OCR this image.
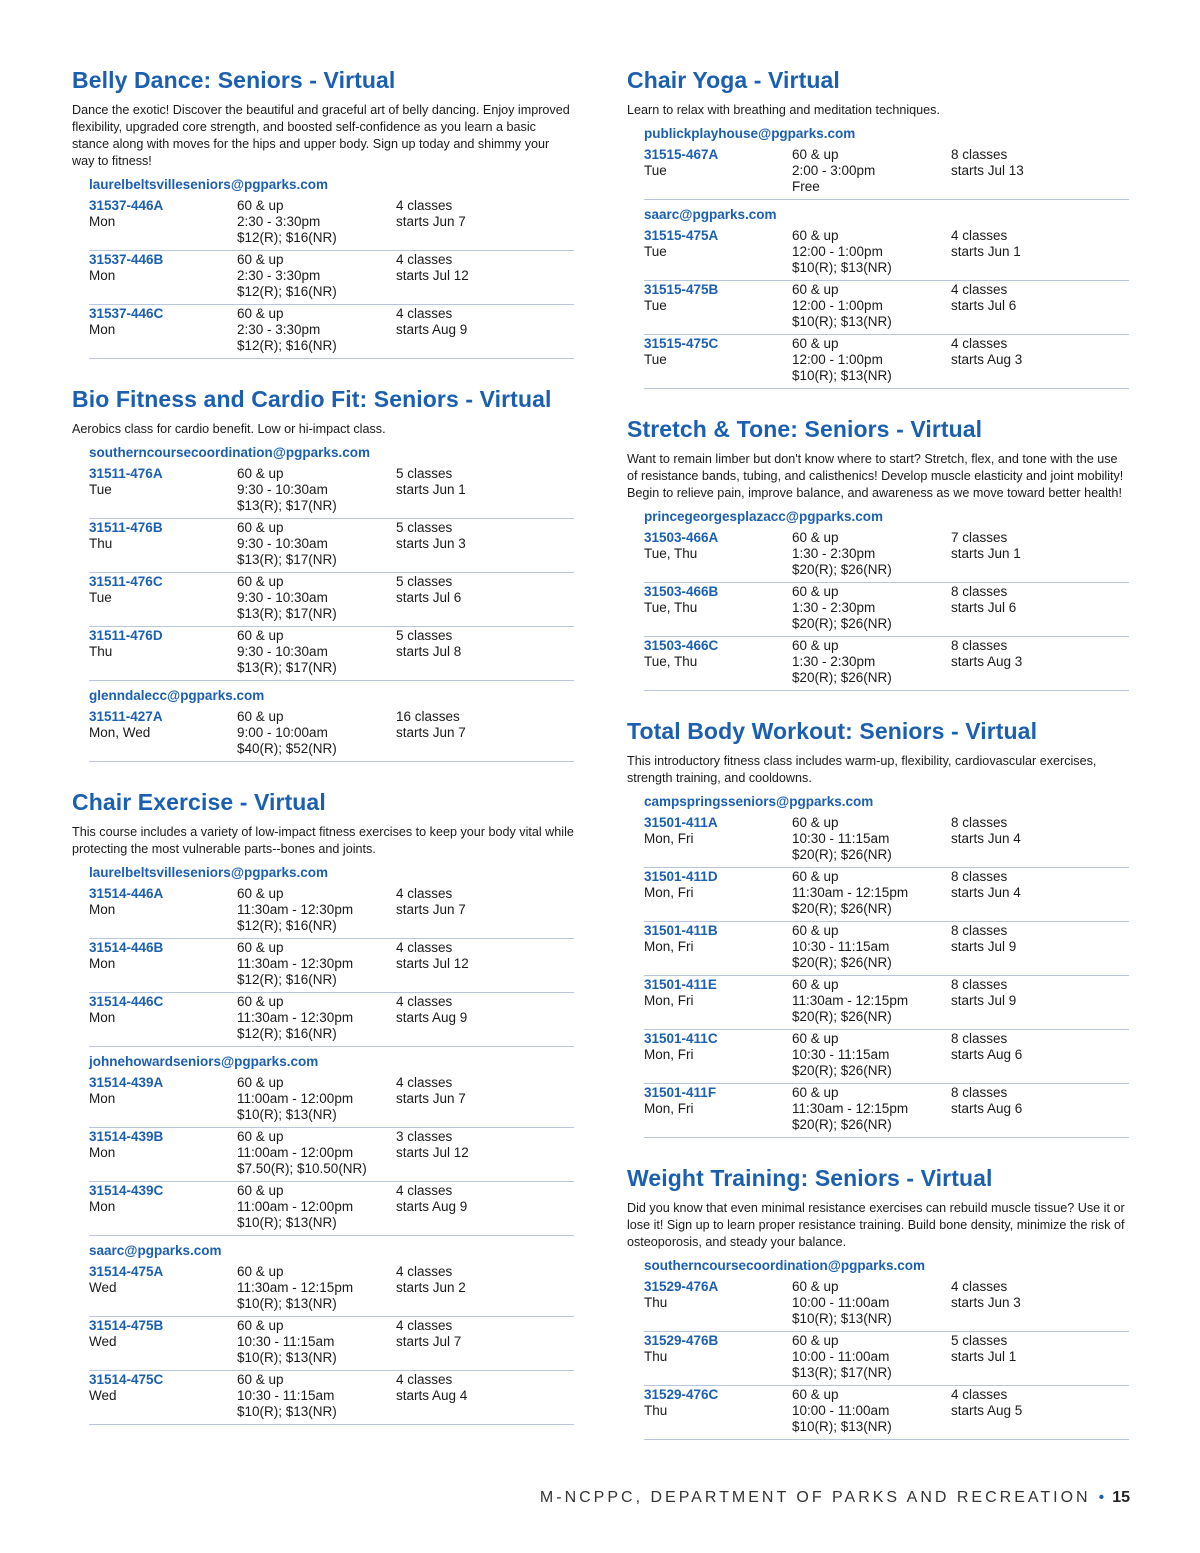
Belly Dance: Seniors - Virtual

Dance the exotic! Discover the beautiful and graceful art of belly dancing. Enjoy improved flexibility, upgraded core strength, and boosted self-confidence as you learn a basic stance along with moves for the hips and upper body. Sign up today and shimmy your way to fitness!

laurelbeltsvilleseniors@pgparks.com
31537-446A
Mon
60 & up
2:30 - 3:30pm
$12(R); $16(NR)
4 classes
starts Jun 7
31537-446B
Mon
60 & up
2:30 - 3:30pm
$12(R); $16(NR)
4 classes
starts Jul 12
31537-446C
Mon
60 & up
2:30 - 3:30pm
$12(R); $16(NR)
4 classes
starts Aug 9
Bio Fitness and Cardio Fit: Seniors - Virtual

Aerobics class for cardio benefit. Low or hi-impact class.

southerncoursecoordination@pgparks.com
31511-476A
Tue
60 & up
9:30 - 10:30am
$13(R); $17(NR)
5 classes
starts Jun 1
31511-476B
Thu
60 & up
9:30 - 10:30am
$13(R); $17(NR)
5 classes
starts Jun 3
31511-476C
Tue
60 & up
9:30 - 10:30am
$13(R); $17(NR)
5 classes
starts Jul 6
31511-476D
Thu
60 & up
9:30 - 10:30am
$13(R); $17(NR)
5 classes
starts Jul 8
glenndalecc@pgparks.com
31511-427A
Mon, Wed
60 & up
9:00 - 10:00am
$40(R); $52(NR)
16 classes
starts Jun 7
Chair Exercise - Virtual

This course includes a variety of low-impact fitness exercises to keep your body vital while protecting the most vulnerable parts--bones and joints.

laurelbeltsvilleseniors@pgparks.com
31514-446A
Mon
60 & up
11:30am - 12:30pm
$12(R); $16(NR)
4 classes
starts Jun 7
31514-446B
Mon
60 & up
11:30am - 12:30pm
$12(R); $16(NR)
4 classes
starts Jul 12
31514-446C
Mon
60 & up
11:30am - 12:30pm
$12(R); $16(NR)
4 classes
starts Aug 9
johnehowardseniors@pgparks.com
31514-439A
Mon
60 & up
11:00am - 12:00pm
$10(R); $13(NR)
4 classes
starts Jun 7
31514-439B
Mon
60 & up
11:00am - 12:00pm
$7.50(R); $10.50(NR)
3 classes
starts Jul 12
31514-439C
Mon
60 & up
11:00am - 12:00pm
$10(R); $13(NR)
4 classes
starts Aug 9
saarc@pgparks.com
31514-475A
Wed
60 & up
11:30am - 12:15pm
$10(R); $13(NR)
4 classes
starts Jun 2
31514-475B
Wed
60 & up
10:30 - 11:15am
$10(R); $13(NR)
4 classes
starts Jul 7
31514-475C
Wed
60 & up
10:30 - 11:15am
$10(R); $13(NR)
4 classes
starts Aug 4
Chair Yoga - Virtual

Learn to relax with breathing and meditation techniques.

publickplayhouse@pgparks.com
31515-467A
Tue
60 & up
2:00 - 3:00pm
Free
8 classes
starts Jul 13
saarc@pgparks.com
31515-475A
Tue
60 & up
12:00 - 1:00pm
$10(R); $13(NR)
4 classes
starts Jun 1
31515-475B
Tue
60 & up
12:00 - 1:00pm
$10(R); $13(NR)
4 classes
starts Jul 6
31515-475C
Tue
60 & up
12:00 - 1:00pm
$10(R); $13(NR)
4 classes
starts Aug 3
Stretch & Tone: Seniors - Virtual

Want to remain limber but don't know where to start? Stretch, flex, and tone with the use of resistance bands, tubing, and calisthenics! Develop muscle elasticity and joint mobility! Begin to relieve pain, improve balance, and awareness as we move toward better health!

princegeorgesplazacc@pgparks.com
31503-466A
Tue, Thu
60 & up
1:30 - 2:30pm
$20(R); $26(NR)
7 classes
starts Jun 1
31503-466B
Tue, Thu
60 & up
1:30 - 2:30pm
$20(R); $26(NR)
8 classes
starts Jul 6
31503-466C
Tue, Thu
60 & up
1:30 - 2:30pm
$20(R); $26(NR)
8 classes
starts Aug 3
Total Body Workout: Seniors - Virtual

This introductory fitness class includes warm-up, flexibility, cardiovascular exercises, strength training, and cooldowns.

campspringsseniors@pgparks.com
31501-411A
Mon, Fri
60 & up
10:30 - 11:15am
$20(R); $26(NR)
8 classes
starts Jun 4
31501-411D
Mon, Fri
60 & up
11:30am - 12:15pm
$20(R); $26(NR)
8 classes
starts Jun 4
31501-411B
Mon, Fri
60 & up
10:30 - 11:15am
$20(R); $26(NR)
8 classes
starts Jul 9
31501-411E
Mon, Fri
60 & up
11:30am - 12:15pm
$20(R); $26(NR)
8 classes
starts Jul 9
31501-411C
Mon, Fri
60 & up
10:30 - 11:15am
$20(R); $26(NR)
8 classes
starts Aug 6
31501-411F
Mon, Fri
60 & up
11:30am - 12:15pm
$20(R); $26(NR)
8 classes
starts Aug 6
Weight Training: Seniors - Virtual

Did you know that even minimal resistance exercises can rebuild muscle tissue? Use it or lose it! Sign up to learn proper resistance training. Build bone density, minimize the risk of osteoporosis, and steady your balance.

southerncoursecoordination@pgparks.com
31529-476A
Thu
60 & up
10:00 - 11:00am
$10(R); $13(NR)
4 classes
starts Jun 3
31529-476B
Thu
60 & up
10:00 - 11:00am
$13(R); $17(NR)
5 classes
starts Jul 1
31529-476C
Thu
60 & up
10:00 - 11:00am
$10(R); $13(NR)
4 classes
starts Aug 5
M-NCPPC, DEPARTMENT OF PARKS AND RECREATION • 15
